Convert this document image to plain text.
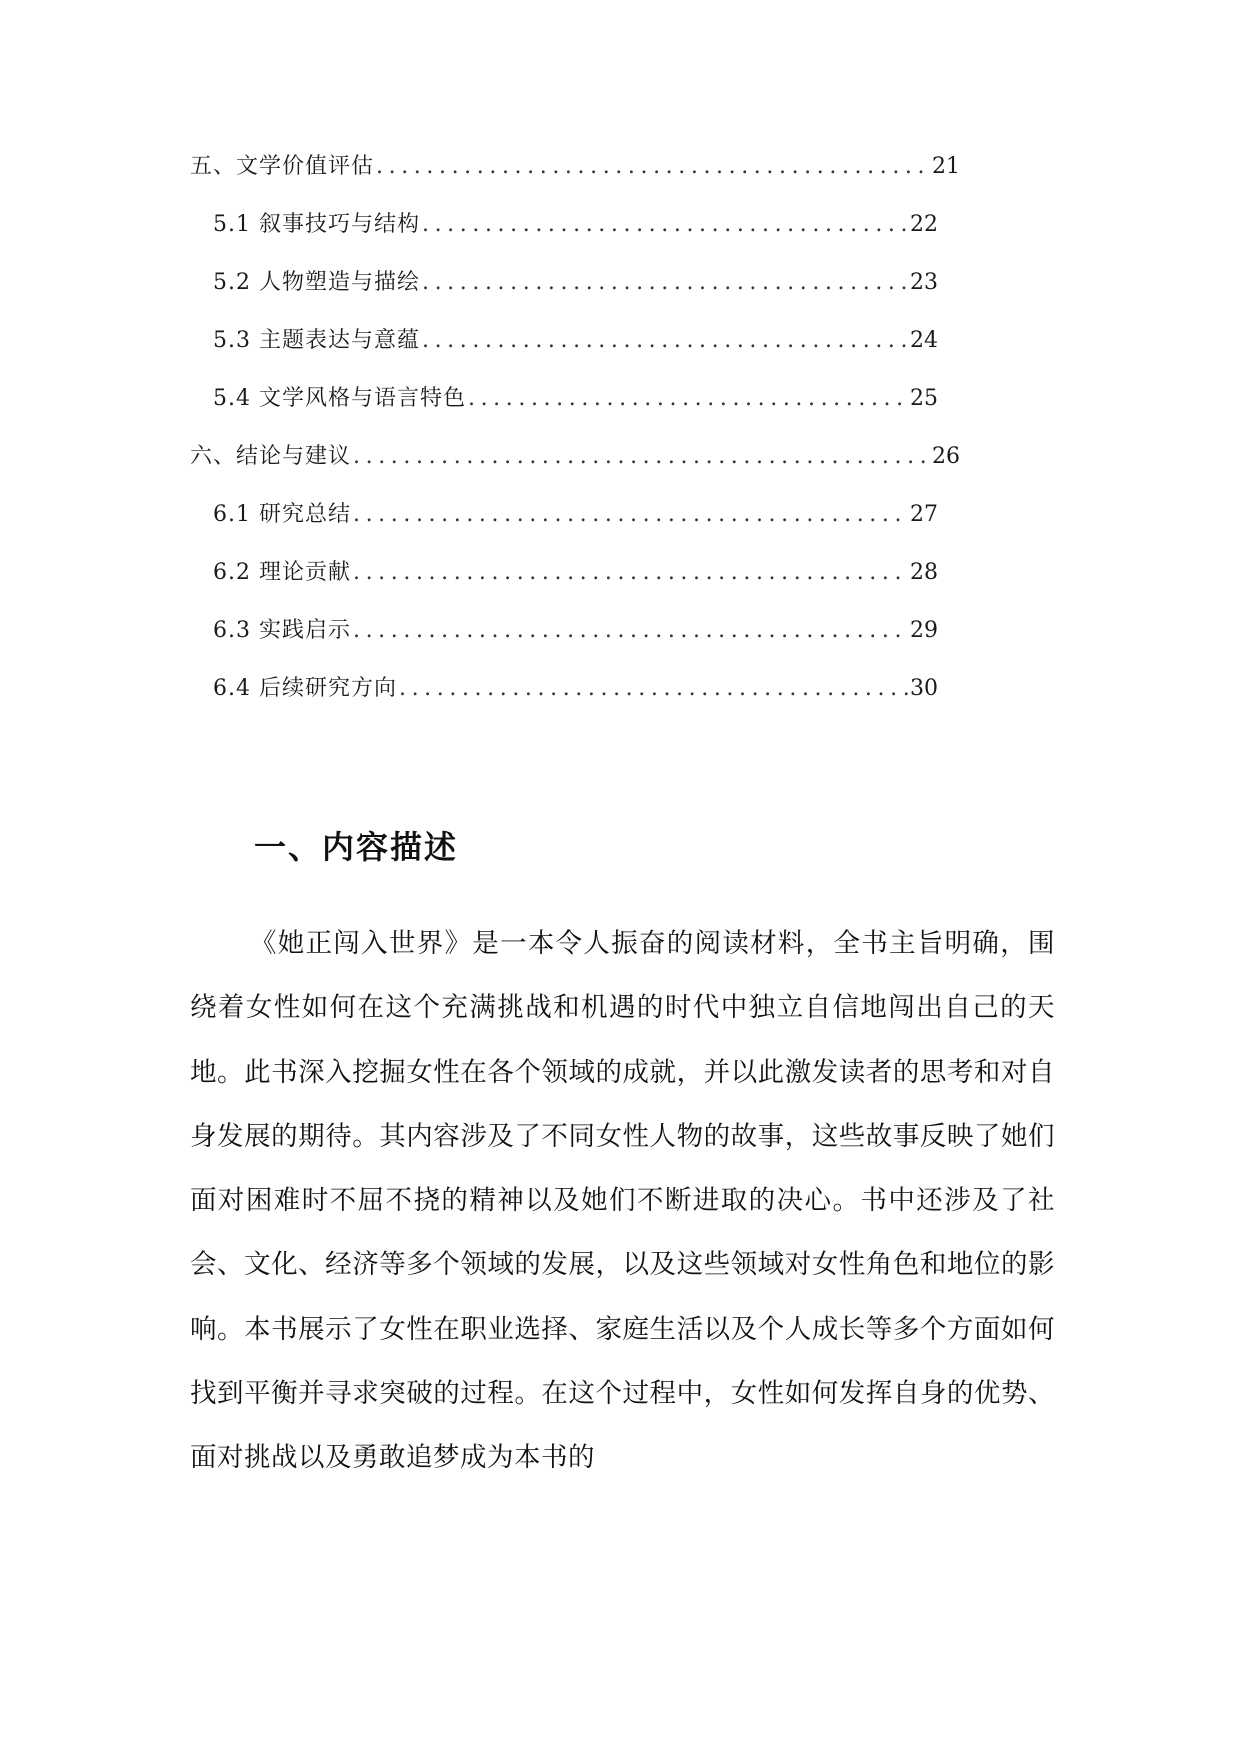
五、文学价值评估 .....	21
5.1 叙事技巧与结构 .....	22
5.2 人物塑造与描绘 .....	23
5.3 主题表达与意蕴 .....	24
5.4 文学风格与语言特色 .....	25
六、结论与建议 .....	26
6.1 研究总结 .....	27
6.2 理论贡献 .....	28
6.3 实践启示 .....	29
6.4 后续研究方向 .....	30
一、内容描述

《她正闯入世界》是一本令人振奋的阅读材料，全书主旨明确，围绕着女性如何在这个充满挑战和机遇的时代中独立自信地闯出自己的天地。此书深入挖掘女性在各个领域的成就，并以此激发读者的思考和对自身发展的期待。其内容涉及了不同女性人物的故事，这些故事反映了她们面对困难时不屈不挠的精神以及她们不断进取的决心。书中还涉及了社会、文化、经济等多个领域的发展，以及这些领域对女性角色和地位的影响。本书展示了女性在职业选择、家庭生活以及个人成长等多个方面如何找到平衡并寻求突破的过程。在这个过程中，女性如何发挥自身的优势、面对挑战以及勇敢追梦成为本书的
